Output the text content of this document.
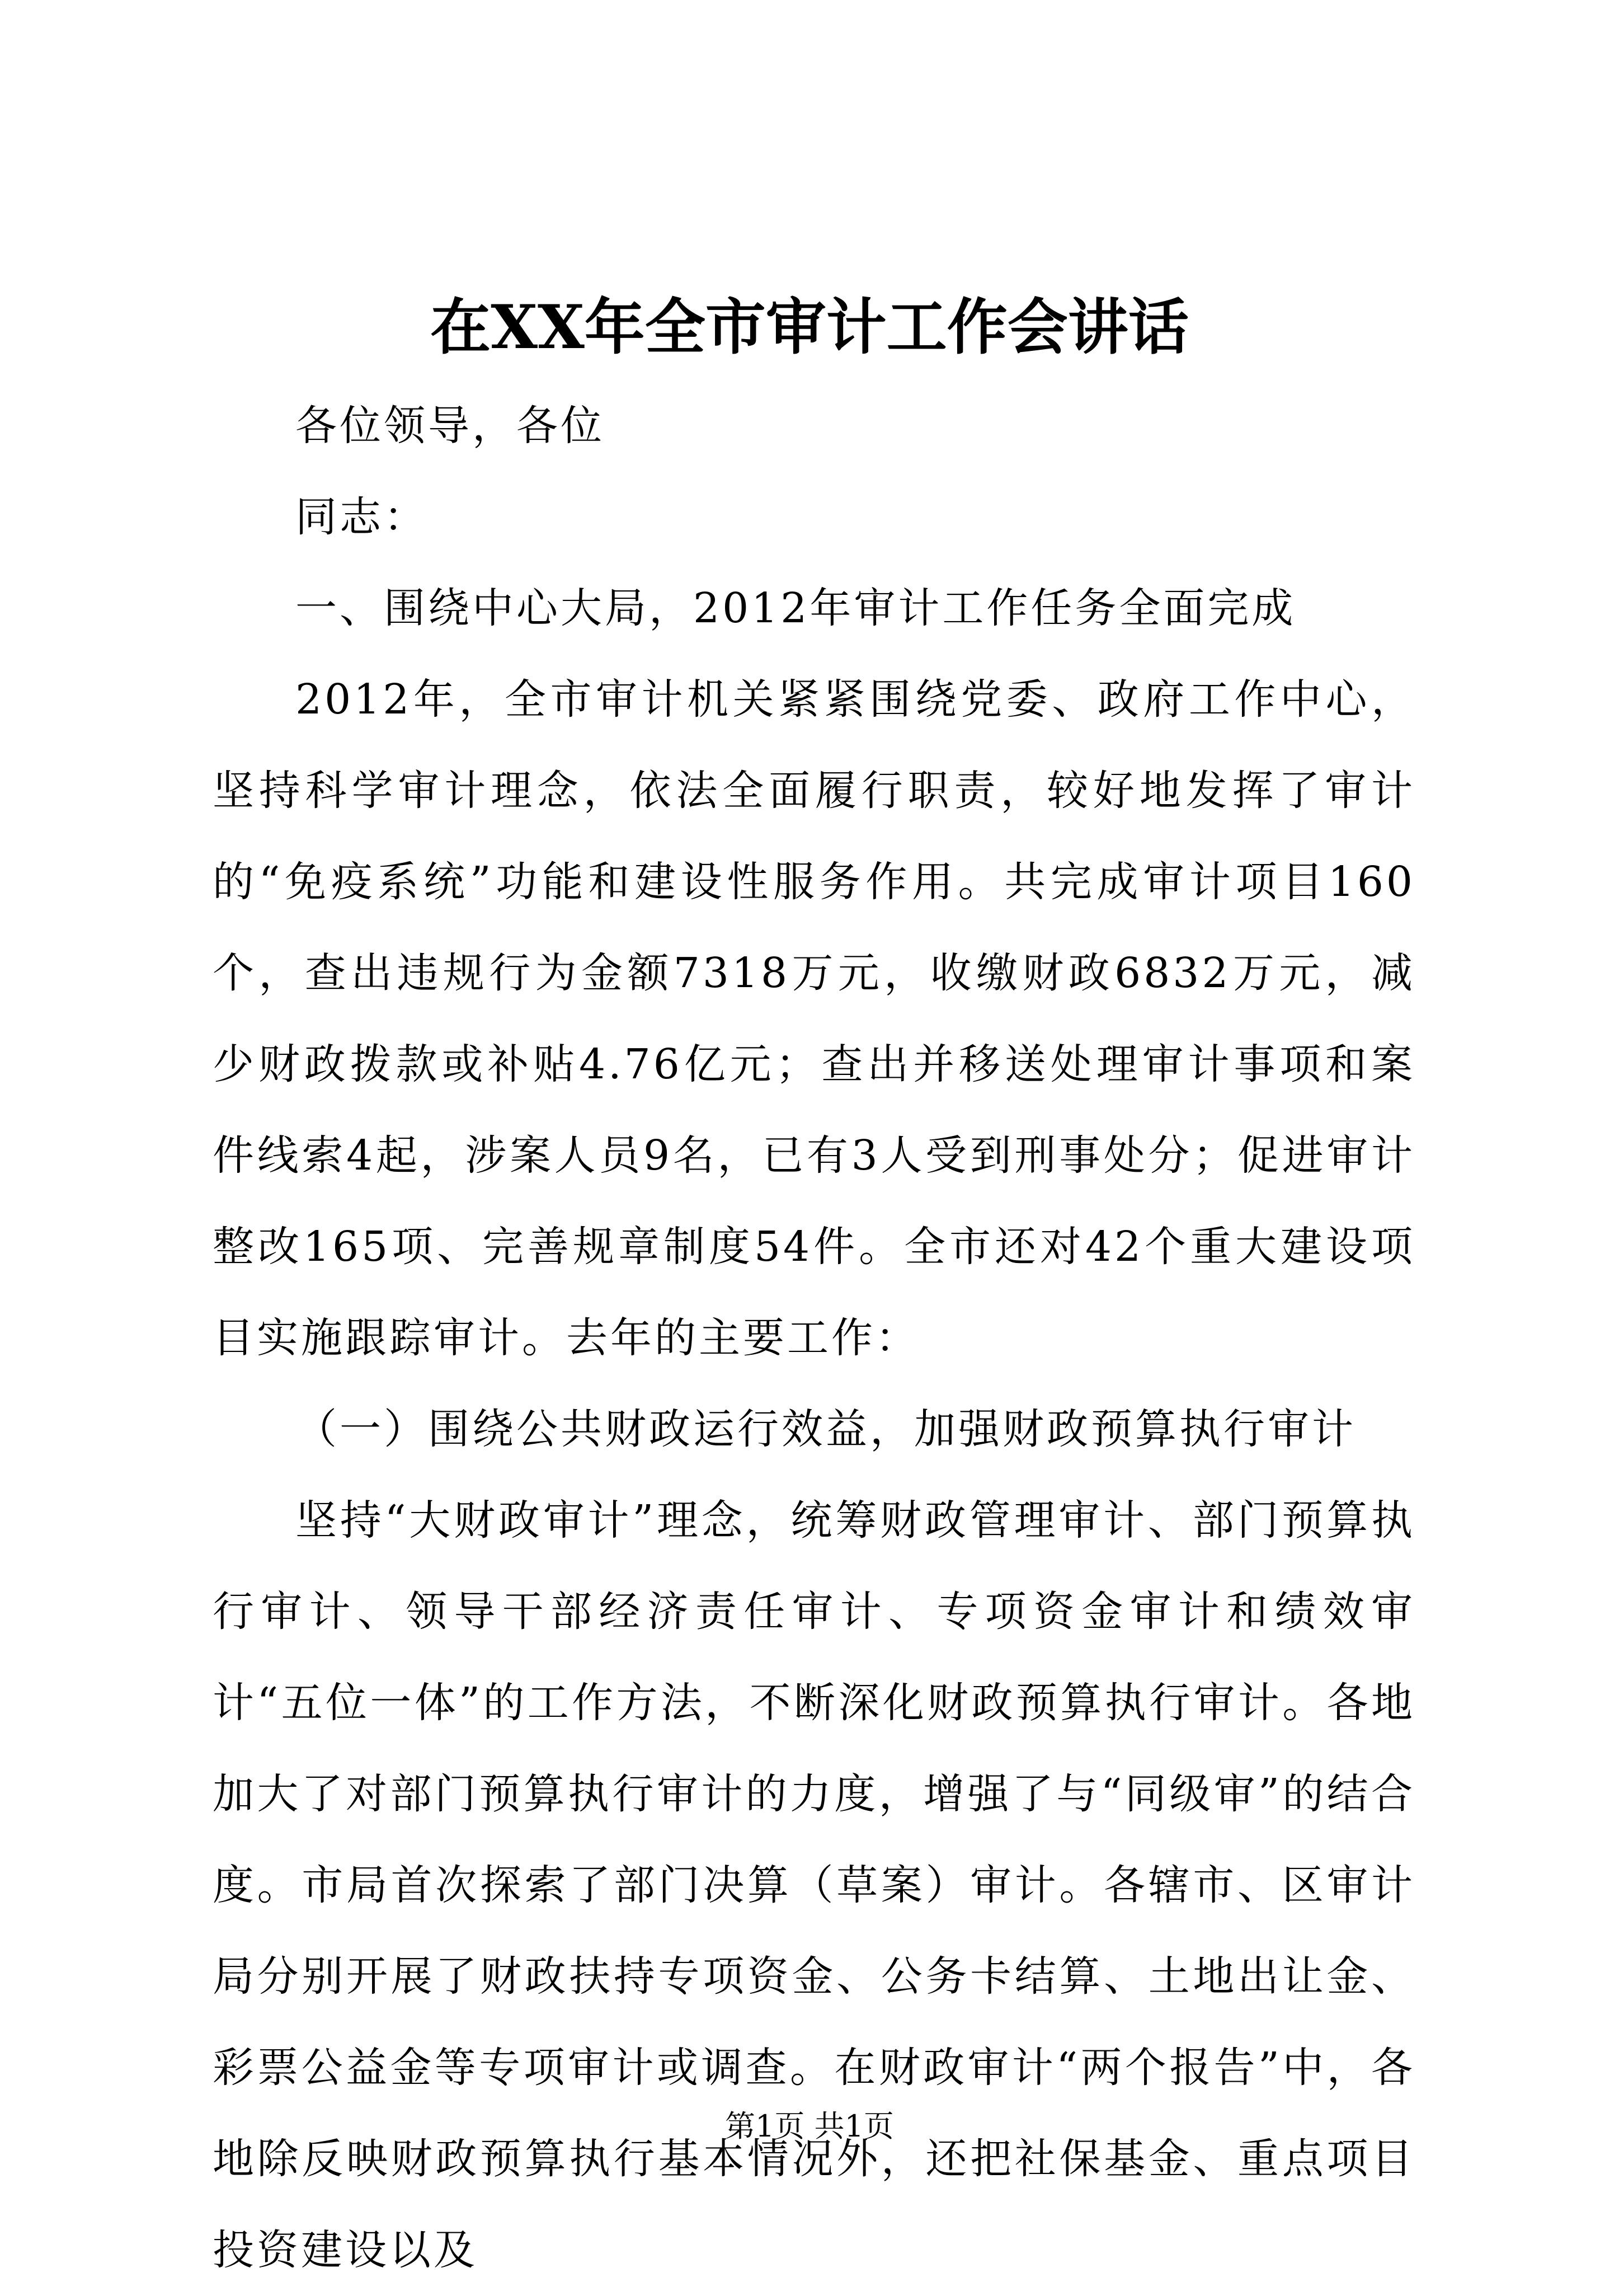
在XX年全市审计工作会讲话

各位领导，各位

同志：

一、围绕中心大局，2012年审计工作任务全面完成

2012年，全市审计机关紧紧围绕党委、政府工作中心，坚持科学审计理念，依法全面履行职责，较好地发挥了审计的“免疫系统”功能和建设性服务作用。共完成审计项目160个，查出违规行为金额7318万元，收缴财政6832万元，减少财政拨款或补贴4.76亿元；查出并移送处理审计事项和案件线索4起，涉案人员9名，已有3人受到刑事处分；促进审计整改165项、完善规章制度54件。全市还对42个重大建设项目实施跟踪审计。去年的主要工作：

（一）围绕公共财政运行效益，加强财政预算执行审计

坚持“大财政审计”理念，统筹财政管理审计、部门预算执行审计、领导干部经济责任审计、专项资金审计和绩效审计“五位一体”的工作方法，不断深化财政预算执行审计。各地加大了对部门预算执行审计的力度，增强了与“同级审”的结合度。市局首次探索了部门决算（草案）审计。各辖市、区审计局分别开展了财政扶持专项资金、公务卡结算、土地出让金、彩票公益金等专项审计或调查。在财政审计“两个报告”中，各地除反映财政预算执行基本情况外，还把社保基金、重点项目投资建设以及

第1页 共1页
